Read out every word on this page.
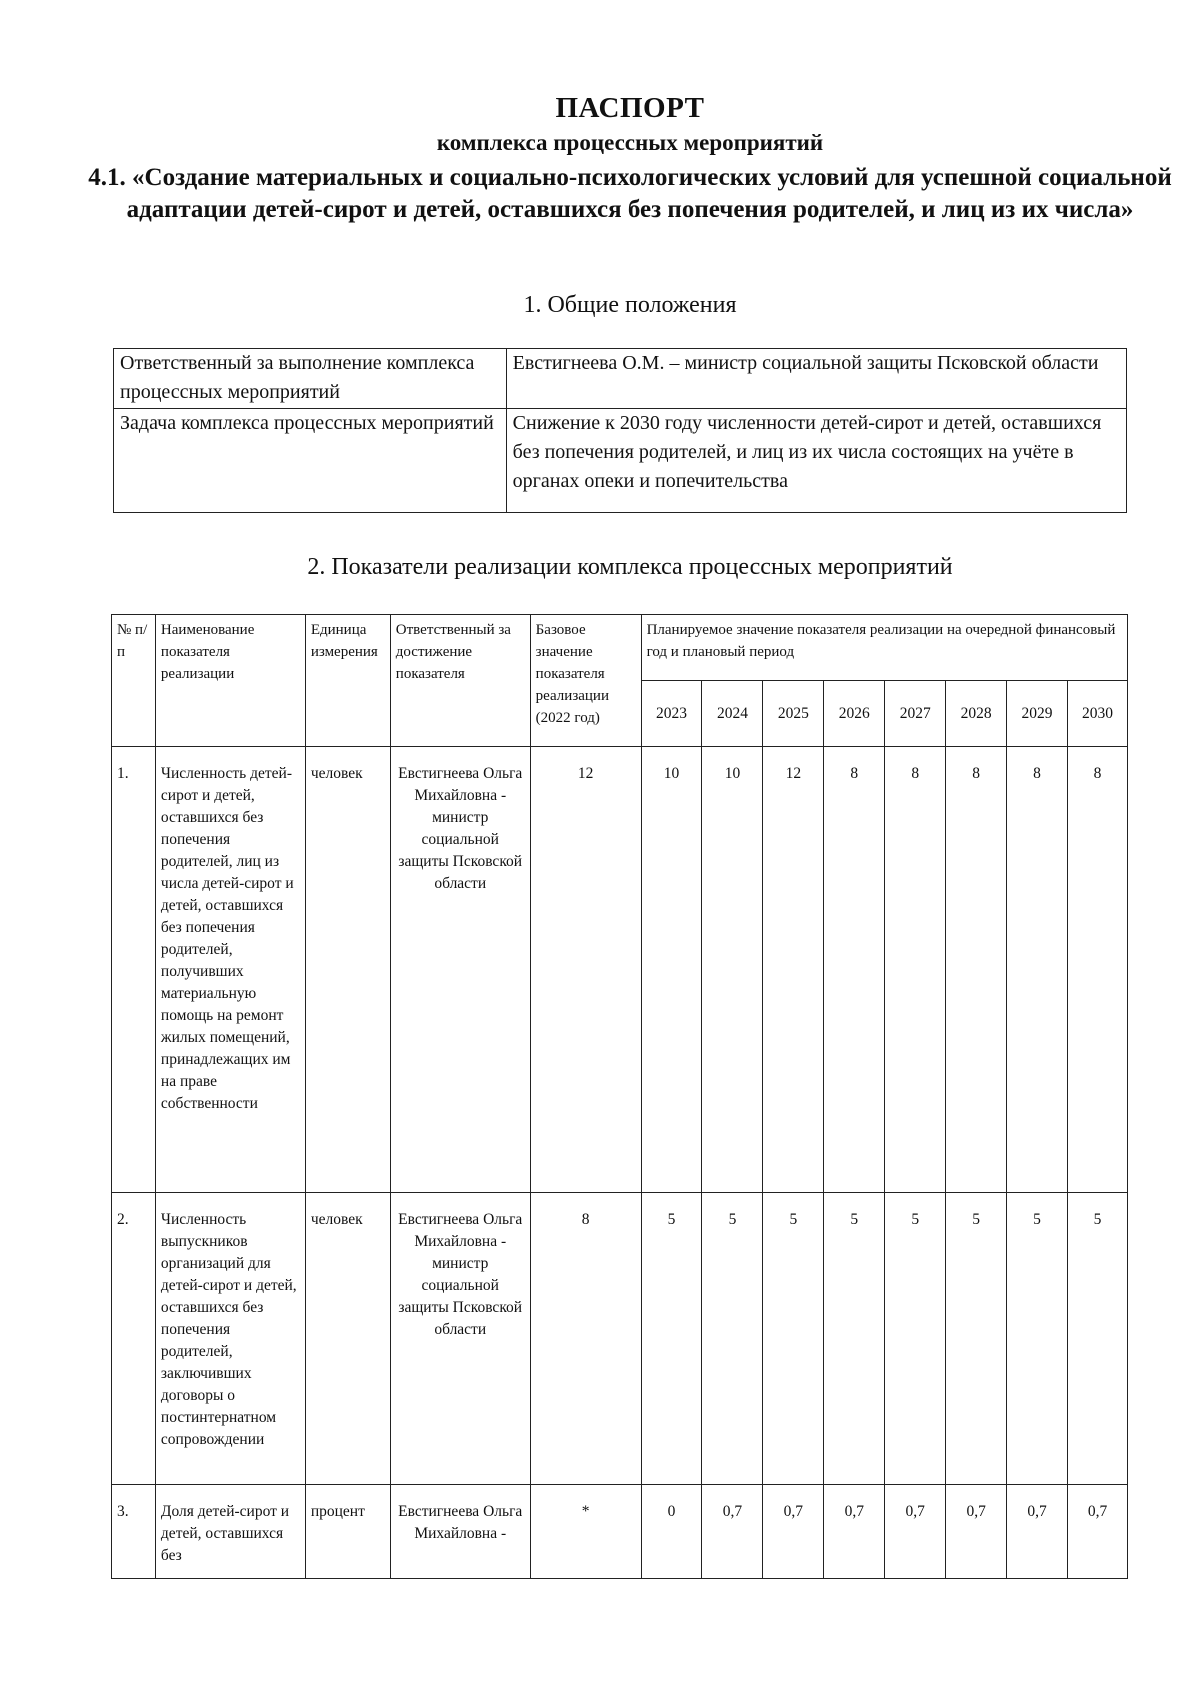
ПАСПОРТ
комплекса процессных мероприятий
4.1. «Создание материальных и социально-психологических условий для успешной социальной адаптации детей-сирот и детей, оставшихся без попечения родителей, и лиц из их числа»
1. Общие положения
Ответственный за выполнение комплекса процессных мероприятий	Евстигнеева О.М. – министр социальной защиты Псковской области
Задача комплекса процессных мероприятий	Снижение к 2030 году численности детей-сирот и детей, оставшихся без попечения родителей, и лиц из их числа состоящих на учёте в органах опеки и попечительства
2. Показатели реализации комплекса процессных мероприятий
№ п/п	Наименование показателя реализации	Единица измерения	Ответственный за достижение показателя	Базовое значение показателя реализации (2022 год)	Планируемое значение показателя реализации на очередной финансовый год и плановый период							
					2023	2024	2025	2026	2027	2028	2029	2030
1.	Численность детей-сирот и детей, оставшихся без попечения родителей, лиц из числа детей-сирот и детей, оставшихся без попечения родителей, получивших материальную помощь на ремонт жилых помещений, принадлежащих им на праве собственности	человек	Евстигнеева Ольга Михайловна - министр социальной защиты Псковской области	12	10	10	12	8	8	8	8	8
2.	Численность выпускников организаций для детей-сирот и детей, оставшихся без попечения родителей, заключивших договоры о постинтернатном сопровождении	человек	Евстигнеева Ольга Михайловна - министр социальной защиты Псковской области	8	5	5	5	5	5	5	5	5
3.	Доля детей-сирот и детей, оставшихся без	процент	Евстигнеева Ольга Михайловна -	*	0	0,7	0,7	0,7	0,7	0,7	0,7	0,7
